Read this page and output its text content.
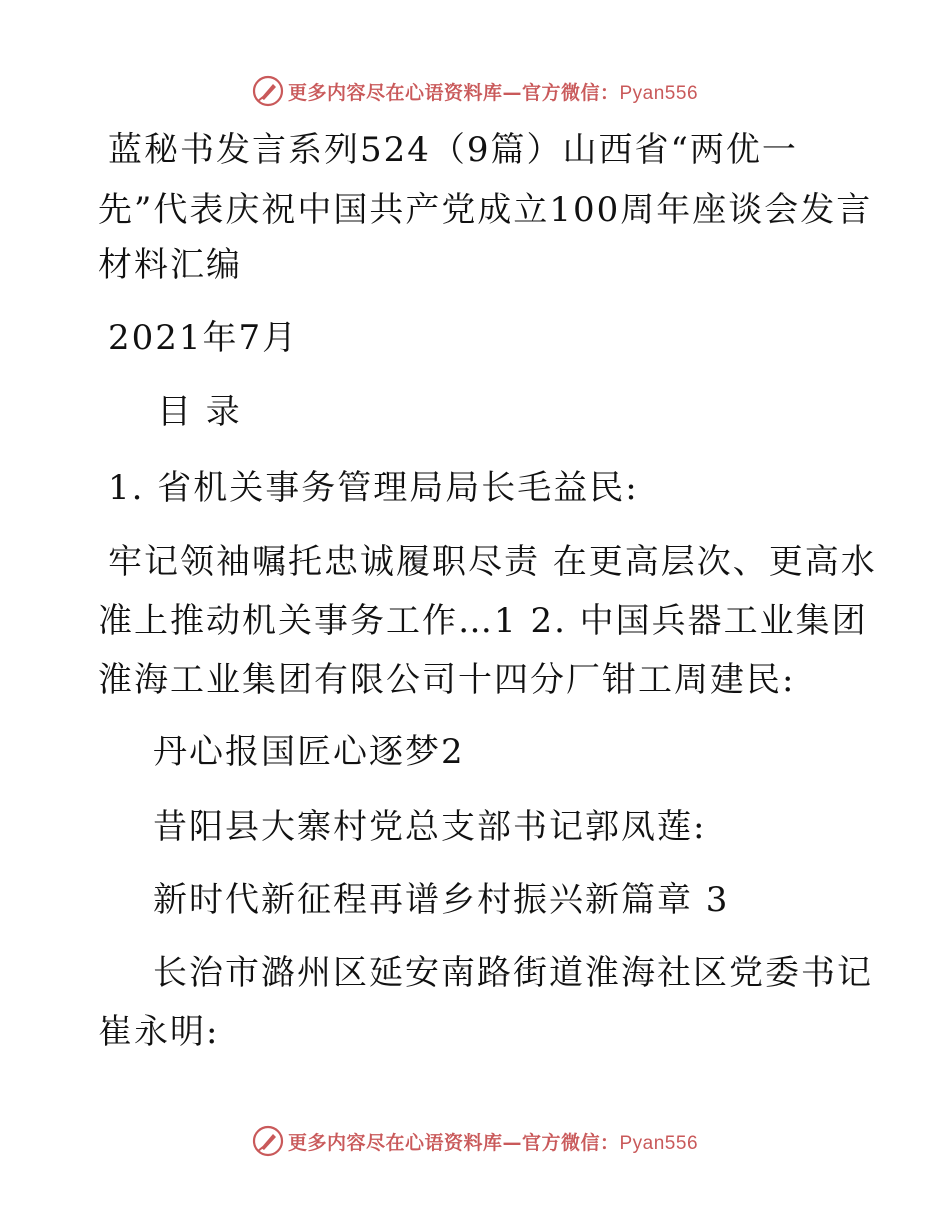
更多内容尽在心语资料库—官方微信：Pyan556
蓝秘书发言系列524（9篇）山西省“两优一
先”代表庆祝中国共产党成立100周年座谈会发言
材料汇编
2021年7月
目 录
1. 省机关事务管理局局长毛益民:
牢记领袖嘱托忠诚履职尽责 在更高层次、更高水
准上推动机关事务工作…1 2. 中国兵器工业集团
淮海工业集团有限公司十四分厂钳工周建民:
丹心报国匠心逐梦2
昔阳县大寨村党总支部书记郭凤莲:
新时代新征程再谱乡村振兴新篇章 3
长治市潞州区延安南路街道淮海社区党委书记
崔永明:
更多内容尽在心语资料库—官方微信：Pyan556
